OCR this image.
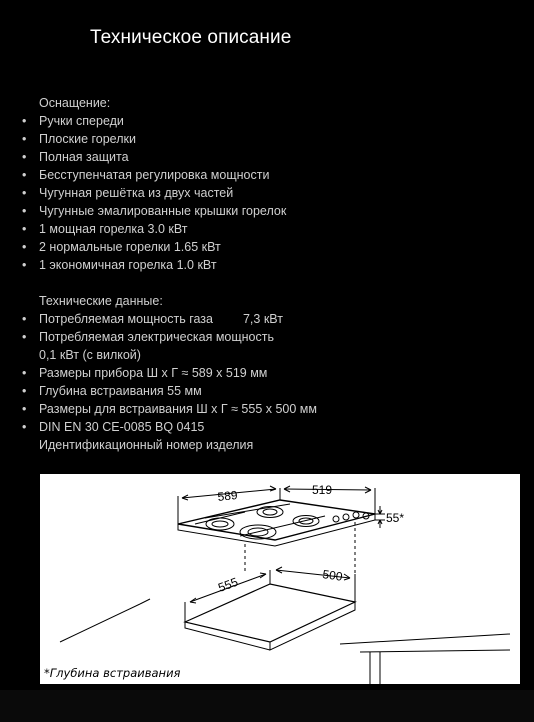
Техническое описание
Оснащение:
• Ручки спереди
• Плоские горелки
• Полная защита
• Бесступенчатая регулировка мощности
• Чугунная решётка из двух частей
• Чугунные эмалированные крышки горелок
• 1 мощная горелка 3.0 кВт
• 2 нормальные горелки 1.65 кВт
• 1 экономичная горелка 1.0 кВт
Технические данные:
• Потребляемая мощность газа 7,3 кВт
• Потребляемая электрическая мощность
0,1 кВт (с вилкой)
• Размеры прибора Ш х Г ≈ 589 х 519 мм
• Глубина встраивания 55 мм
• Размеры для встраивания Ш х Г ≈ 555 х 500 мм
• DIN EN 30 CE-0085 BQ 0415
Идентификационный номер изделия
589	519
55*
555	500
*Глубина встраивания
